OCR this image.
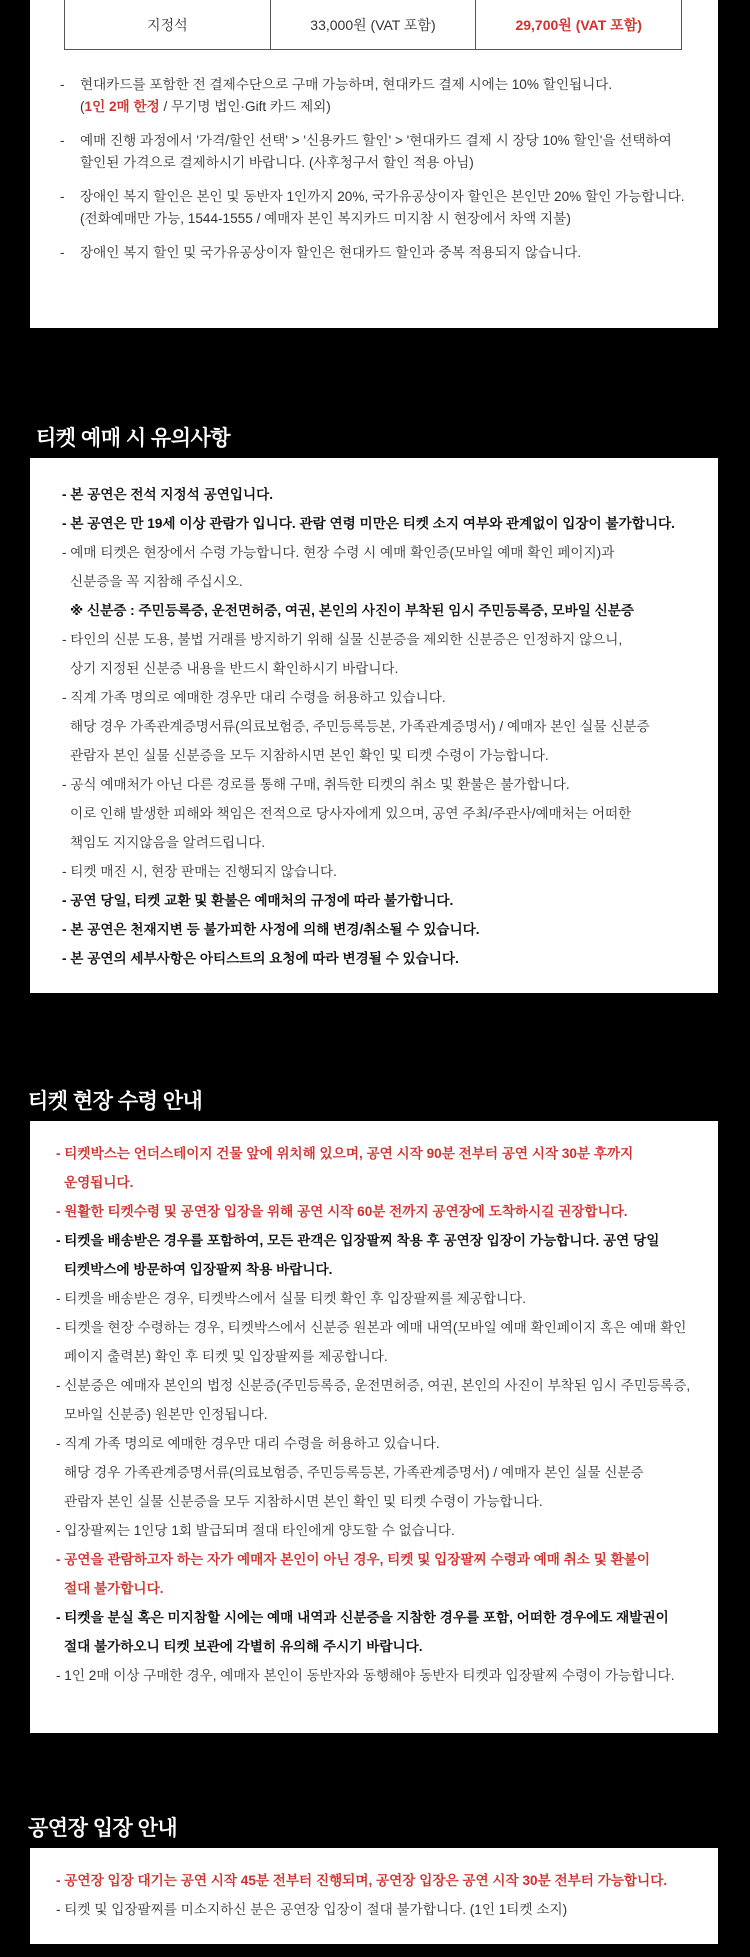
지정석	33,000원 (VAT 포함)	29,700원 (VAT 포함)
- 현대카드를 포함한 전 결제수단으로 구매 가능하며, 현대카드 결제 시에는 10% 할인됩니다.
(1인 2매 한정 / 무기명 법인·Gift 카드 제외)
- 예매 진행 과정에서 '가격/할인 선택' > '신용카드 할인' > '현대카드 결제 시 장당 10% 할인'을 선택하여
할인된 가격으로 결제하시기 바랍니다. (사후청구서 할인 적용 아님)
- 장애인 복지 할인은 본인 및 동반자 1인까지 20%, 국가유공상이자 할인은 본인만 20% 할인 가능합니다.
(전화예매만 가능, 1544-1555 / 예매자 본인 복지카드 미지참 시 현장에서 차액 지불)
- 장애인 복지 할인 및 국가유공상이자 할인은 현대카드 할인과 중복 적용되지 않습니다.
티켓 예매 시 유의사항
- 본 공연은 전석 지정석 공연입니다.
- 본 공연은 만 19세 이상 관람가 입니다. 관람 연령 미만은 티켓 소지 여부와 관계없이 입장이 불가합니다.
- 예매 티켓은 현장에서 수령 가능합니다. 현장 수령 시 예매 확인증(모바일 예매 확인 페이지)과
신분증을 꼭 지참해 주십시오.
※ 신분증 : 주민등록증, 운전면허증, 여권, 본인의 사진이 부착된 임시 주민등록증, 모바일 신분증
- 타인의 신분 도용, 불법 거래를 방지하기 위해 실물 신분증을 제외한 신분증은 인정하지 않으니,
상기 지정된 신분증 내용을 반드시 확인하시기 바랍니다.
- 직계 가족 명의로 예매한 경우만 대리 수령을 허용하고 있습니다.
해당 경우 가족관계증명서류(의료보험증, 주민등록등본, 가족관계증명서) / 예매자 본인 실물 신분증
관람자 본인 실물 신분증을 모두 지참하시면 본인 확인 및 티켓 수령이 가능합니다.
- 공식 예매처가 아닌 다른 경로를 통해 구매, 취득한 티켓의 취소 및 환불은 불가합니다.
이로 인해 발생한 피해와 책임은 전적으로 당사자에게 있으며, 공연 주최/주관사/예매처는 어떠한
책임도 지지않음을 알려드립니다.
- 티켓 매진 시, 현장 판매는 진행되지 않습니다.
- 공연 당일, 티켓 교환 및 환불은 예매처의 규정에 따라 불가합니다.
- 본 공연은 천재지변 등 불가피한 사정에 의해 변경/취소될 수 있습니다.
- 본 공연의 세부사항은 아티스트의 요청에 따라 변경될 수 있습니다.
티켓 현장 수령 안내
- 티켓박스는 언더스테이지 건물 앞에 위치해 있으며, 공연 시작 90분 전부터 공연 시작 30분 후까지
운영됩니다.
- 원활한 티켓수령 및 공연장 입장을 위해 공연 시작 60분 전까지 공연장에 도착하시길 권장합니다.
- 티켓을 배송받은 경우를 포함하여, 모든 관객은 입장팔찌 착용 후 공연장 입장이 가능합니다. 공연 당일
티켓박스에 방문하여 입장팔찌 착용 바랍니다.
- 티켓을 배송받은 경우, 티켓박스에서 실물 티켓 확인 후 입장팔찌를 제공합니다.
- 티켓을 현장 수령하는 경우, 티켓박스에서 신분증 원본과 예매 내역(모바일 예매 확인페이지 혹은 예매 확인
페이지 출력본) 확인 후 티켓 및 입장팔찌를 제공합니다.
- 신분증은 예매자 본인의 법정 신분증(주민등록증, 운전면허증, 여권, 본인의 사진이 부착된 임시 주민등록증,
모바일 신분증) 원본만 인정됩니다.
- 직계 가족 명의로 예매한 경우만 대리 수령을 허용하고 있습니다.
해당 경우 가족관계증명서류(의료보험증, 주민등록등본, 가족관계증명서) / 예매자 본인 실물 신분증
관람자 본인 실물 신분증을 모두 지참하시면 본인 확인 및 티켓 수령이 가능합니다.
- 입장팔찌는 1인당 1회 발급되며 절대 타인에게 양도할 수 없습니다.
- 공연을 관람하고자 하는 자가 예매자 본인이 아닌 경우, 티켓 및 입장팔찌 수령과 예매 취소 및 환불이
절대 불가합니다.
- 티켓을 분실 혹은 미지참할 시에는 예매 내역과 신분증을 지참한 경우를 포함, 어떠한 경우에도 재발권이
절대 불가하오니 티켓 보관에 각별히 유의해 주시기 바랍니다.
- 1인 2매 이상 구매한 경우, 예매자 본인이 동반자와 동행해야 동반자 티켓과 입장팔찌 수령이 가능합니다.
공연장 입장 안내
- 공연장 입장 대기는 공연 시작 45분 전부터 진행되며, 공연장 입장은 공연 시작 30분 전부터 가능합니다.
- 티켓 및 입장팔찌를 미소지하신 분은 공연장 입장이 절대 불가합니다. (1인 1티켓 소지)
